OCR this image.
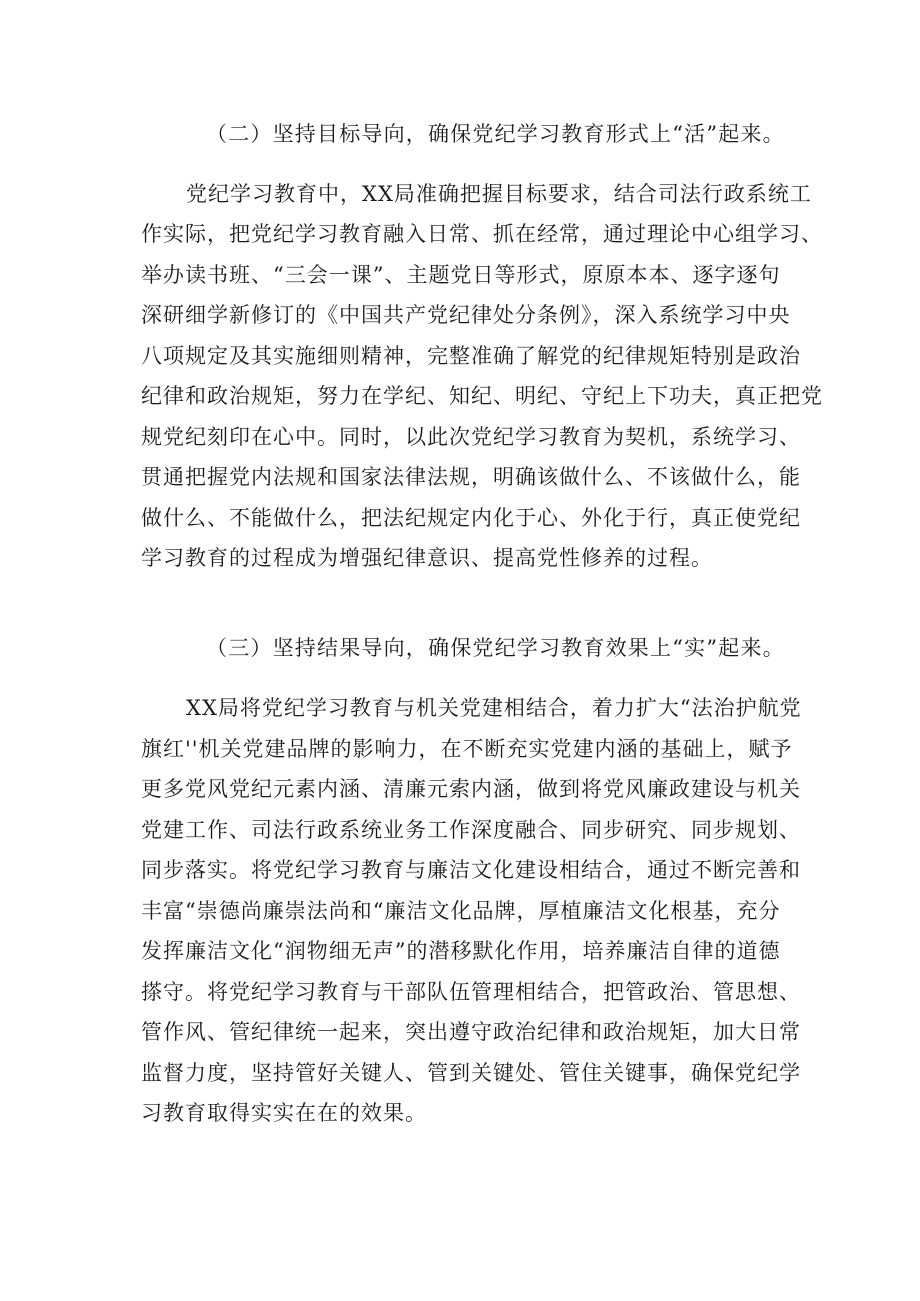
（二）坚持目标导向，确保党纪学习教育形式上“活”起来。

党纪学习教育中，XX局准确把握目标要求，结合司法行政系统工

作实际，把党纪学习教育融入日常、抓在经常，通过理论中心组学习、

举办读书班、“三会一课”、主题党日等形式，原原本本、逐字逐句

深研细学新修订的《中国共产党纪律处分条例》，深入系统学习中央

八项规定及其实施细则精神，完整准确了解党的纪律规矩特别是政治

纪律和政治规矩，努力在学纪、知纪、明纪、守纪上下功夫，真正把党

规党纪刻印在心中。同时，以此次党纪学习教育为契机，系统学习、

贯通把握党内法规和国家法律法规，明确该做什么、不该做什么，能

做什么、不能做什么，把法纪规定内化于心、外化于行，真正使党纪

学习教育的过程成为增强纪律意识、提高党性修养的过程。

（三）坚持结果导向，确保党纪学习教育效果上“实”起来。

XX局将党纪学习教育与机关党建相结合，着力扩大“法治护航党

旗红''机关党建品牌的影响力，在不断充实党建内涵的基础上，赋予

更多党风党纪元素内涵、清廉元索内涵，做到将党风廉政建设与机关

党建工作、司法行政系统业务工作深度融合、同步研究、同步规划、

同步落实。将党纪学习教育与廉洁文化建设相结合，通过不断完善和

丰富“崇德尚廉崇法尚和“廉洁文化品牌，厚植廉洁文化根基，充分

发挥廉洁文化“润物细无声”的潜移默化作用，培养廉洁自律的道德

搽守。将党纪学习教育与干部队伍管理相结合，把管政治、管思想、

管作风、管纪律统一起来，突出遵守政治纪律和政治规矩，加大日常

监督力度，坚持管好关键人、管到关键处、管住关键事，确保党纪学

习教育取得实实在在的效果。
